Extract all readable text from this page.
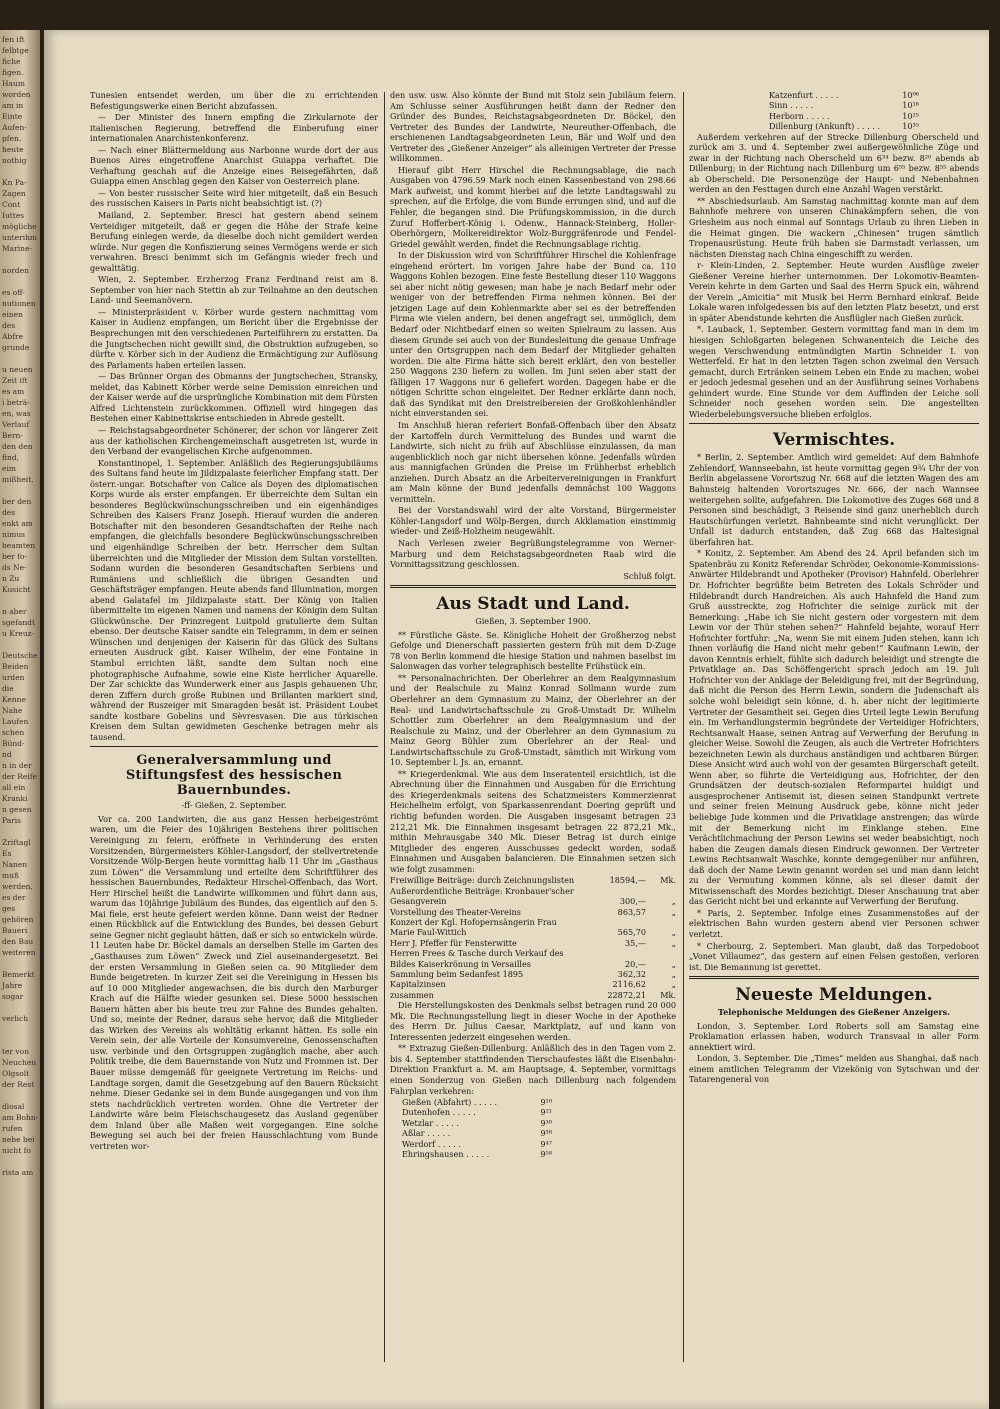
fen ift
felbtge
fiche
figen.
Haum
worden
am in
Einte
Aufen-
pfen.
heute
nothig

Kn Pa-
Zagen
Cont
Iuttes
mögliche
unterihm
Marine-

norden

es off-
nutionen
einen
des
Abfre
grunde

u neuen
Zeit ift
es am
i beträ-
en, was
Verlauf
Bern-
den den
find,
eim
mißheit,

ber den
des
enkt am
nimus
beamten
ber fo-
ds Ne-
n Zu
Kusicht

n aber
sgefandt
u Kreuz-

Deutsche
Beiden
urden
die
Kenne
Nahe
Laufen
schen
Bünd-
nd
n in der
der Reife
all ein
Kranki
n gesen
Paris

Zriftagl
Es
Nanen
muß
werden,
es der
ges
gehören
Baueri
den Bau
weiteren

Bemerkt
Jahre
sogar

verlich

ter von
Neuchen
Olgsolt
der Rest

dlosal
am Bohn-
rufen
nebe bei
nicht fo

rista am

Tunesien entsendet werden, um über die zu errichtenden Befestigungswerke einen Bericht abzufassen.

— Der Minister des Innern empfing die Zirkularnote der italienischen Regierung, betreffend die Einberufung einer internationalen Anarchistenkonferenz.

— Nach einer Blättermeldung aus Narbonne wurde dort der aus Buenos Aires eingetroffene Anarchist Guiappa verhaftet. Die Verhaftung geschah auf die Anzeige eines Reisegefährten, daß Guiappa einen Anschlag gegen den Kaiser von Oesterreich plane.

— Von bester russischer Seite wird hier mitgeteilt, daß ein Besuch des russischen Kaisers in Paris nicht beabsichtigt ist. (?)

Mailand, 2. September. Bresci hat gestern abend seinem Verteidiger mitgeteilt, daß er gegen die Höhe der Strafe keine Berufung einlegen werde, da dieselbe doch nicht gemildert werden würde. Nur gegen die Konfiszierung seines Vermögens werde er sich verwahren. Bresci benimmt sich im Gefängnis wieder frech und gewalttätig.

Wien, 2. September. Erzherzog Franz Ferdinand reist am 8. September von hier nach Stettin ab zur Teilnahme an den deutschen Land- und Seemanövern.

— Ministerpräsident v. Körber wurde gestern nachmittag vom Kaiser in Audienz empfangen, um Bericht über die Ergebnisse der Besprechungen mit den verschiedenen Parteiführern zu erstatten. Da die Jungtschechen nicht gewillt sind, die Obstruktion aufzugeben, so dürfte v. Körber sich in der Audienz die Ermächtigung zur Auflösung des Parlaments haben erteilen lassen.

— Das Brünner Organ des Obmanns der Jungtschechen, Stransky, meldet, das Kabinett Körber werde seine Demission einreichen und der Kaiser werde auf die ursprüngliche Kombination mit dem Fürsten Alfred Lichtenstein zurückkommen. Offiziell wird hingegen das Bestehen einer Kabinettskrise entschieden in Abrede gestellt.

— Reichstagsabgeordneter Schönerer, der schon vor längerer Zeit aus der katholischen Kirchengemeinschaft ausgetreten ist, wurde in den Verband der evangelischen Kirche aufgenommen.

Konstantinopel, 1. September. Anläßlich des Regierungsjubiläums des Sultans fand heute im Jildizpalaste feierlicher Empfang statt. Der österr.-ungar. Botschafter von Calice als Doyen des diplomatischen Korps wurde als erster empfangen. Er überreichte dem Sultan ein besonderes Beglückwünschungsschreiben und ein eigenhändiges Schreiben des Kaisers Franz Joseph. Hierauf wurden die anderen Botschafter mit den besonderen Gesandtschaften der Reihe nach empfangen, die gleichfalls besondere Beglückwünschungsschreiben und eigenhändige Schreiben der betr. Herrscher dem Sultan überreichten und die Mitglieder der Mission dem Sultan vorstellten. Sodann wurden die besonderen Gesandtschaften Serbiens und Rumäniens und schließlich die übrigen Gesandten und Geschäftsträger empfangen. Heute abends fand Illumination, morgen abend Galatafel im Jildizpalaste statt. Der König von Italien übermittelte im eigenen Namen und namens der Königin dem Sultan Glückwünsche. Der Prinzregent Luitpold gratulierte dem Sultan ebenso. Der deutsche Kaiser sandte ein Telegramm, in dem er seinen Wünschen und denjenigen der Kaiserin für das Glück des Sultans erneuten Ausdruck gibt. Kaiser Wilhelm, der eine Fontaine in Stambul errichten läßt, sandte dem Sultan noch eine photographische Aufnahme, sowie eine Kiste herrlicher Aquarelle. Der Zar schickte das Wunderwerk einer aus Jaspis gehauenen Uhr, deren Ziffern durch große Rubinen und Brillanten markiert sind, während der Ruszeiger mit Smaragden besät ist. Präsident Loubet sandte kostbare Gobelins und Sèvresvasen. Die aus türkischen Kreisen dem Sultan gewidmeten Geschenke betragen mehr als tausend.

Generalversammlung und Stiftungsfest des hessischen Bauernbundes.
-ff- Gießen, 2. September.

Vor ca. 200 Landwirten, die aus ganz Hessen herbeigeströmt waren, um die Feier des 10jährigen Bestehens ihrer politischen Vereinigung zu feiern, eröffnete in Verhinderung des ersten Vorsitzenden, Bürgermeisters Köhler-Langsdorf, der stellvertretende Vorsitzende Wölp-Bergen heute vormittag halb 11 Uhr im „Gasthaus zum Löwen“ die Versammlung und erteilte dem Schriftführer des hessischen Bauernbundes, Redakteur Hirschel-Offenbach, das Wort. Herr Hirschel heißt die Landwirte willkommen und führt dann aus, warum das 10jährige Jubiläum des Bundes, das eigentlich auf den 5. Mai fiele, erst heute gefeiert werden könne. Dann weist der Redner einen Rückblick auf die Entwicklung des Bundes, bei dessen Geburt seine Gegner nicht geglaubt hätten, daß er sich so entwickeln würde. 11 Leuten habe Dr. Böckel damals an derselben Stelle im Garten des „Gasthauses zum Löwen“ Zweck und Ziel auseinandergesetzt. Bei der ersten Versammlung in Gießen seien ca. 90 Mitglieder dem Bunde beigetreten. In kurzer Zeit sei die Vereinigung in Hessen bis auf 10 000 Mitglieder angewachsen, die bis durch den Marburger Krach auf die Hälfte wieder gesunken sei. Diese 5000 hessischen Bauern hätten aber bis heute treu zur Fahne des Bundes gehalten. Und so, meinte der Redner, daraus sehe hervor, daß die Mitglieder das Wirken des Vereins als wohltätig erkannt hätten. Es solle ein Verein sein, der alle Vorteile der Konsumvereine, Genossenschaften usw. verbinde und den Ortsgruppen zugänglich mache, aber auch Politik treibe, die dem Bauernstande von Nutz und Frommen ist. Der Bauer müsse demgemäß für geeignete Vertretung im Reichs- und Landtage sorgen, damit die Gesetzgebung auf den Bauern Rücksicht nehme. Dieser Gedanke sei in dem Bunde ausgegangen und von ihm stets nachdrücklich vertreten worden. Ohne die Vertreter der Landwirte wäre beim Fleischschaugesetz das Ausland gegenüber dem Inland über alle Maßen weit vorgegangen. Eine solche Bewegung sei auch bei der freien Hausschlachtung vom Bunde vertreten wor-

den usw. usw. Also könnte der Bund mit Stolz sein Jubiläum feiern. Am Schlusse seiner Ausführungen heißt dann der Redner den Gründer des Bundes, Reichstagsabgeordneten Dr. Böckel, den Vertreter des Bundes der Landwirte, Neureuther-Offenbach, die erschienenen Landtagsabgeordneten Leun, Bär und Wolf und den Vertreter des „Gießener Anzeiger“ als alleinigen Vertreter der Presse willkommen.

Hierauf gibt Herr Hirschel die Rechnungsablage, die nach Ausgaben von 4796.59 Mark noch einen Kassenbestand von 298.66 Mark aufweist, und kommt hierbei auf die letzte Landtagswahl zu sprechen, auf die Erfolge, die vom Bunde errungen sind, und auf die Fehler, die begangen sind. Die Prüfungskommission, in die durch Zuruf Hofferbert-König i. Odenw., Hannack-Steinberg, Holler-Oberhörgern, Molkereidirektor Wolz-Burggräfenrode und Fendel-Griedel gewählt werden, findet die Rechnungsablage richtig.

In der Diskussion wird von Schriftführer Hirschel die Kohlenfrage eingehend erörtert. Im vorigen Jahre habe der Bund ca. 110 Waggons Kohlen bezogen. Eine feste Bestellung dieser 110 Waggons sei aber nicht nötig gewesen; man habe je nach Bedarf mehr oder weniger von der betreffenden Firma nehmen können. Bei der jetzigen Lage auf dem Kohlenmarkte aber sei es der betreffenden Firma wie vielen andern, bei denen angefragt sei, unmöglich, dem Bedarf oder Nichtbedarf einen so weiten Spielraum zu lassen. Aus diesem Grunde sei auch von der Bundesleitung die genaue Umfrage unter den Ortsgruppen nach dem Bedarf der Mitglieder gehalten worden. Die alte Firma hätte sich bereit erklärt, den von besteller 250 Waggons 230 liefern zu wollen. Im Juni seien aber statt der fälligen 17 Waggons nur 6 geliefert worden. Dagegen habe er die nötigen Schritte schon eingeleitet. Der Redner erklärte dann noch, daß das Syndikat mit den Dreistreibereien der Großkohlenhändler nicht einverstanden sei.

Im Anschluß hieran referiert Bonfaß-Offenbach über den Absatz der Kartoffeln durch Vermittelung des Bundes und warnt die Landwirte, sich nicht zu früh auf Abschlüsse einzulassen, da man augenblicklich noch gar nicht übersehen könne. Jedenfalls würden aus mannigfachen Gründen die Preise im Frühherbst erheblich anziehen. Durch Absatz an die Arbeitervereinigungen in Frankfurt am Main könne der Bund jedenfalls demnächst 100 Waggons vermitteln.

Bei der Vorstandswahl wird der alte Vorstand, Bürgermeister Köhler-Langsdorf und Wölp-Bergen, durch Akklamation einstimmig wieder- und Zeiß-Holzheim neugewählt.

Nach Verlesen zweier Begrüßungstelegramme von Werner-Marburg und dem Reichstagsabgeordneten Raab wird die Vormittagssitzung geschlossen.

Schluß folgt.
Aus Stadt und Land.
Gießen, 3. September 1900.

** Fürstliche Gäste. Se. Königliche Hoheit der Großherzog nebst Gefolge und Dienerschaft passierten gestern früh mit dem D-Zuge 78 von Berlin kommend die hiesige Station und nahmen baselbst im Salonwagen das vorher telegraphisch bestellte Frühstück ein.

** Personalnachrichten. Der Oberlehrer an dem Realgymnasium und der Realschule zu Mainz Konrad Sollmann wurde zum Oberlehrer an dem Gymnasium zu Mainz, der Oberlehrer an der Real- und Landwirtschaftsschule zu Groß-Umstadt Dr. Wilhelm Schottler zum Oberlehrer an dem Realgymnasium und der Realschule zu Mainz, und der Oberlehrer an dem Gymnasium zu Mainz Georg Bühler zum Oberlehrer an der Real- und Landwirtschaftsschule zu Groß-Umstadt, sämtlich mit Wirkung vom 10. September l. Js. an, ernannt.

** Kriegerdenkmal. Wie aus dem Inseratenteil ersichtlich, ist die Abrechnung über die Einnahmen und Ausgaben für die Errichtung des Kriegerdenkmals seitens des Schatzmeisters Kommerzienrat Heichelheim erfolgt, von Sparkassenrendant Doering geprüft und richtig befunden worden. Die Ausgaben insgesamt betragen 23 212,21 Mk. Die Einnahmen insgesamt betragen 22 872,21 Mk., mithin Mehrausgabe 340 Mk. Dieser Betrag ist durch einige Mitglieder des engeren Ausschusses gedeckt worden, sodaß Einnahmen und Ausgaben balancieren. Die Einnahmen setzen sich wie folgt zusammen:

Freiwillige Beiträge: durch Zeichnungslisten	18594,—	Mk.
Außerordentliche Beiträge: Kronbauer'scher		
Gesangverein	300,—	„
Vorstellung des Theater-Vereins	863,57	„
Konzert der Kgl. Hofopernsängerin Frau		
Marie Faul-Wittich	565,70	„
Herr J. Pfeffer für Fensterwitte	35,—	„
Herren Frees & Tasche durch Verkauf des		
Bildes Kaiserkrönung in Versailles	20,—	„
Sammlung beim Sedanfest 1895	362,32	„
Kapitalzinsen	2116,62	„
zusammen	22872,21	Mk.

Die Herstellungskosten des Denkmals selbst betragen rund 20 000 Mk. Die Rechnungsstellung liegt in dieser Woche in der Apotheke des Herrn Dr. Julius Caesar, Marktplatz, auf und kann von Interessenten jederzeit eingesehen werden.

** Extrazug Gießen-Dillenburg. Anläßlich des in den Tagen vom 2. bis 4. September stattfindenden Tierschaufestes läßt die Eisenbahn-Direktion Frankfurt a. M. am Hauptsage, 4. September, vormittags einen Sonderzug von Gießen nach Dillenburg nach folgendem Fahrplan verkehren:

Gießen (Abfahrt) . . . . .	9¹⁰
Dutenhofen . . . . .	9²¹
Wetzlar . . . . .	9³⁰
Aßlar . . . . .	9³⁸
Werdorf . . . . .	9⁴⁷
Ehringshausen . . . . .	9⁵⁸
Katzenfurt . . . . .	10⁰⁶
Sinn . . . . .	10¹⁶
Herborn . . . . .	10²⁵
Dillenburg (Ankunft) . . . . .	10³⁵

Außerdem verkehren auf der Strecke Dillenburg Oberscheld und zurück am 3. und 4. September zwei außergewöhnliche Züge und zwar in der Richtung nach Oberscheld um 6³⁴ bezw. 8²⁰ abends ab Dillenburg; in der Richtung nach Dillenburg um 6⁵⁵ bezw. 8⁵⁵ abends ab Oberscheld. Die Personenzüge der Haupt- und Nebenbahnen werden an den Festtagen durch eine Anzahl Wagen verstärkt.

** Abschiedsurlaub. Am Samstag nachmittag konnte man auf dem Bahnhofe mehrere von unseren Chinakämpfern sehen, die von Griesheim aus noch einmal auf Sonntags Urlaub zu ihren Lieben in die Heimat gingen. Die wackern „Chinesen“ trugen sämtlich Tropenausrüstung. Heute früh haben sie Darmstadt verlassen, um nächsten Dienstag nach China eingeschifft zu werden.

r- Klein-Linden, 2. September. Heute wurden Ausflüge zweier Gießener Vereine hierher unternommen. Der Lokomotiv-Beamten-Verein kehrte in dem Garten und Saal des Herrn Spuck ein, während der Verein „Amicitia“ mit Musik bei Herrn Bernhard einkraf. Beide Lokale waren infolgedessen bis auf den letzten Platz besetzt, und erst in später Abendstunde kehrten die Ausflügler nach Gießen zurück.

*. Lauback, 1. September. Gestern vormittag fand man in dem im hiesigen Schloßgarten belegenen Schwanenteich die Leiche des wegen Verschwendung entmündigten Martin Schneider I. von Wetterfeld. Er hat in den letzten Tagen schon zweimal den Versuch gemacht, durch Ertränken seinem Leben ein Ende zu machen, wobei er jedoch jedesmal gesehen und an der Ausführung seines Vorhabens gehindert wurde. Eine Stunde vor dem Auffinden der Leiche soll Schneider noch gesehen worden sein. Die angestellten Wiederbelebungsversuche blieben erfolglos.

Vermischtes.

* Berlin, 2. September. Amtlich wird gemeldet: Auf dem Bahnhofe Zehlendorf, Wannseebahn, ist heute vormittag gegen 9¾ Uhr der von Berlin abgelassene Vorortszug Nr. 668 auf die letzten Wagen des am Bahnsteig haltenden Vorortszuges Nr. 666, der nach Wannsee weitergehen sollte, aufgefahren. Die Lokomotive des Zuges 668 und 8 Personen sind beschädigt, 3 Reisende sind ganz unerheblich durch Hautschürfungen verletzt. Bahnbeamte sind nicht verunglückt. Der Unfall ist dadurch entstanden, daß Zug 668 das Haltesignal überfahren hat.

* Konitz, 2. September. Am Abend des 24. April befanden sich im Spatenbräu zu Konitz Referendar Schröder, Oekonomie-Kommissions-Anwärter Hildebrandt und Apotheker (Provisor) Hahnfeld. Oberlehrer Dr. Hofrichter begrüßte beim Betreten des Lokals Schröder und Hildebrandt durch Handreichen. Als auch Hahnfeld die Hand zum Gruß ausstreckte, zog Hofrichter die seinige zurück mit der Bemerkung: „Habe ich Sie nicht gestern oder vorgestern mit dem Lewin vor der Thür stehen sehen?“ Hahnfeld bejahte, worauf Herr Hofrichter fortfuhr: „Na, wenn Sie mit einem Juden stehen, kann ich Ihnen vorläufig die Hand nicht mehr geben!“ Kaufmann Lewin, der davon Kenntnis erhielt, fühlte sich dadurch beleidigt und strengte die Privatklage an. Das Schöffengericht sprach jedoch am 19. Juli Hofrichter von der Anklage der Beleidigung frei, mit der Begründung, daß nicht die Person des Herrn Lewin, sondern die Judenschaft als solche wohl beleidigt sein könne, d. h. aber nicht der legitimierte Vertreter der Gesamtheit sei. Gegen dies Urteil legte Lewin Berufung ein. Im Verhandlungstermin begründete der Verteidiger Hofrichters, Rechtsanwalt Haase, seinen Antrag auf Verwerfung der Berufung in gleicher Weise. Sowohl die Zeugen, als auch die Vertreter Hofrichters bezeichneten Lewin als durchaus anständigen und achtbaren Bürger. Diese Ansicht wird auch wohl von der gesamten Bürgerschaft geteilt. Wenn aber, so führte die Verteidigung aus, Hofrichter, der den Grundsätzen der deutsch-sozialen Reformpartei huldigt und ausgesprochener Antisemit ist, diesen seinen Standpunkt vertrete und seiner freien Meinung Ausdruck gebe, könne nicht jeder beliebige Jude kommen und die Privatklage anstrengen; das würde mit der Bemerkung nicht im Einklange stehen. Eine Verächtlichmachung der Person Lewins sei weder beabsichtigt, noch haben die Zeugen damals diesen Eindruck gewonnen. Der Vertreter Lewins Rechtsanwalt Waschke, konnte demgegenüber nur anführen, daß doch der Name Lewin genannt worden sei und man dann leicht zu der Vermutung kommen könne, als sei dieser damit der Mitwissenschaft des Mordes bezichtigt. Dieser Anschauung trat aber das Gericht nicht bei und erkannte auf Verwerfung der Berufung.

* Paris, 2. September. Infolge eines Zusammenstoßes auf der elektrischen Bahn wurden gestern abend vier Personen schwer verletzt.

* Cherbourg, 2. Septemberi. Man glaubt, daß das Torpedoboot „Vonet Villaumez“, das gestern auf einen Felsen gestoßen, verloren ist. Die Bemannung ist gerettet.

Neueste Meldungen.
Telephonische Meldungen des Gießener Anzeigers.

London, 3. September. Lord Roberts soll am Samstag eine Proklamation erlassen haben, wodurch Transvaal in aller Form annektiert wird.

London, 3. September. Die „Times“ melden aus Shanghai, daß nach einem amtlichen Telegramm der Vizekönig von Sytschwan und der Tatarengeneral von
